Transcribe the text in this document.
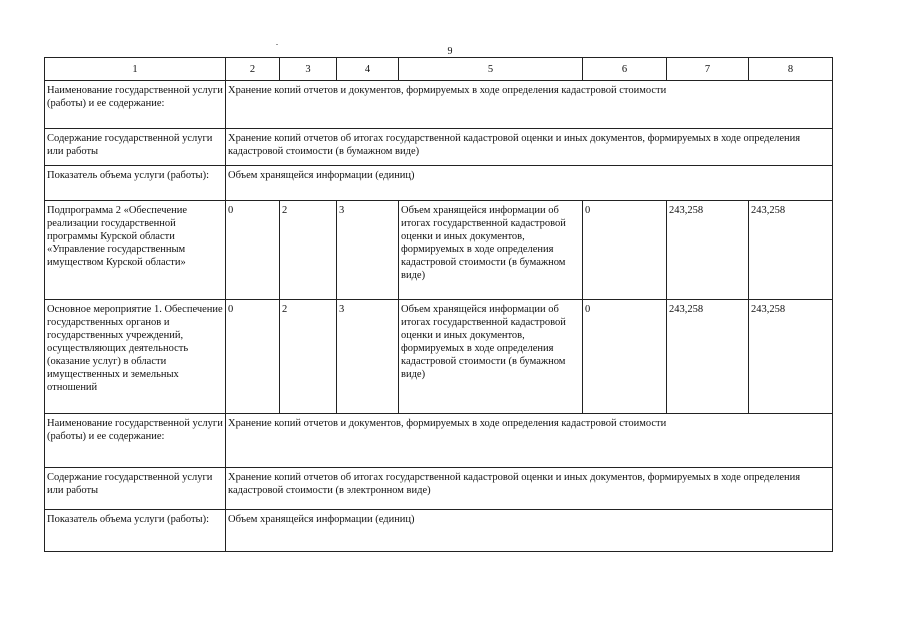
9
1	2	3	4	5	6	7	8
Наименование государственной услуги (работы) и ее содержание:	Хранение копий отчетов и документов, формируемых в ходе определения кадастровой стоимости						
Содержание государственной услуги или работы	Хранение копий отчетов об итогах государственной кадастровой оценки и иных документов, формируемых в ходе определения кадастровой стоимости (в бумажном виде)						
Показатель объема услуги (работы):	Объем хранящейся информации (единиц)						
Подпрограмма 2 «Обеспечение реализации государственной программы Курской области «Управление государственным имуществом Курской области»	0	2	3	Объем хранящейся информации об итогах государственной кадастровой оценки и иных документов, формируемых в ходе определения кадастровой стоимости (в бумажном виде)	0	243,258	243,258
Основное мероприятие 1. Обеспечение государственных органов и государственных учреждений, осуществляющих деятельность (оказание услуг) в области имущественных и земельных отношений	0	2	3	Объем хранящейся информации об итогах государственной кадастровой оценки и иных документов, формируемых в ходе определения кадастровой стоимости (в бумажном виде)	0	243,258	243,258
Наименование государственной услуги (работы) и ее содержание:	Хранение копий отчетов и документов, формируемых в ходе определения кадастровой стоимости						
Содержание государственной услуги или работы	Хранение копий отчетов об итогах государственной кадастровой оценки и иных документов, формируемых в ходе определения кадастровой стоимости (в электронном виде)						
Показатель объема услуги (работы):	Объем хранящейся информации (единиц)						
